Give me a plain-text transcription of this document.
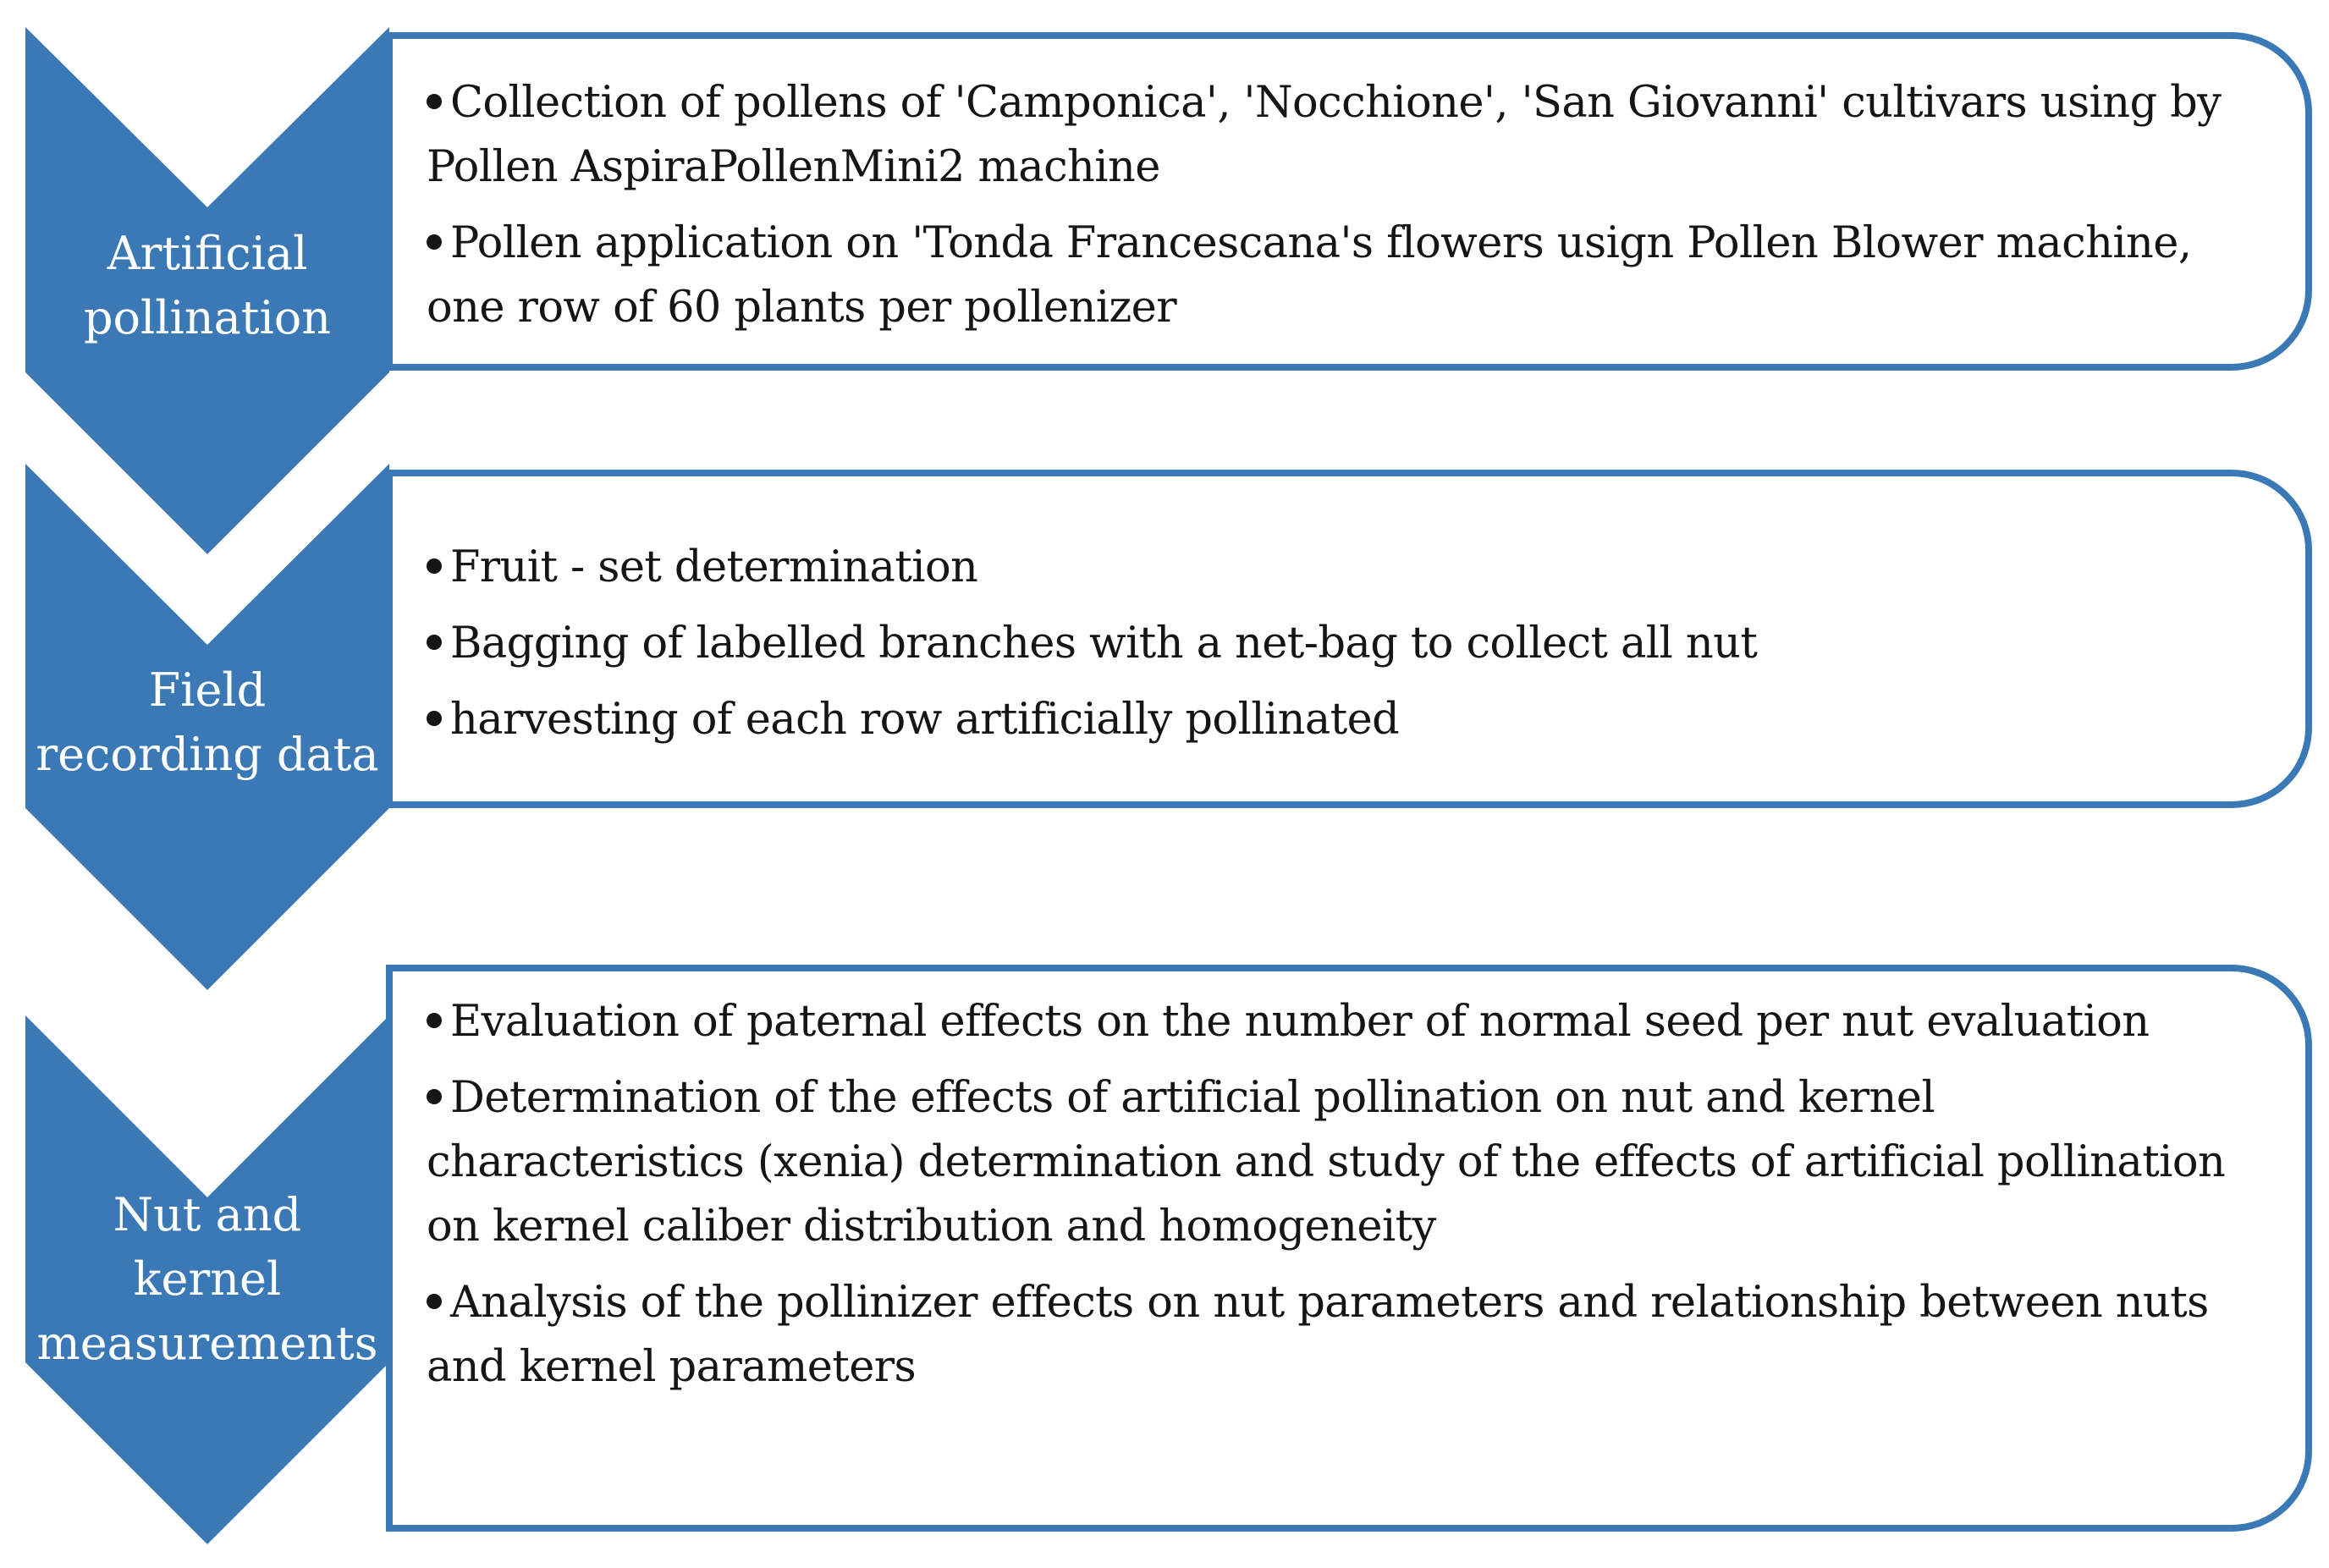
Artificial
pollination
Field
recording data
Nut and
kernel
measurements
Collection of pollens of 'Camponica', 'Nocchione', 'San Giovanni' cultivars using by Pollen AspiraPollenMini2 machine
Pollen application on 'Tonda Francescana's flowers usign Pollen Blower machine, one row of 60 plants per pollenizer
Fruit - set determination
Bagging of labelled branches with a net-bag to collect all nut
harvesting of each row artificially pollinated
Evaluation of paternal effects on the number of normal seed per nut evaluation
Determination of the effects of artificial pollination on nut and kernel characteristics (xenia) determination and study of the effects of artificial pollination on kernel caliber distribution and homogeneity
Analysis of the pollinizer effects on nut parameters and relationship between nuts and kernel parameters
